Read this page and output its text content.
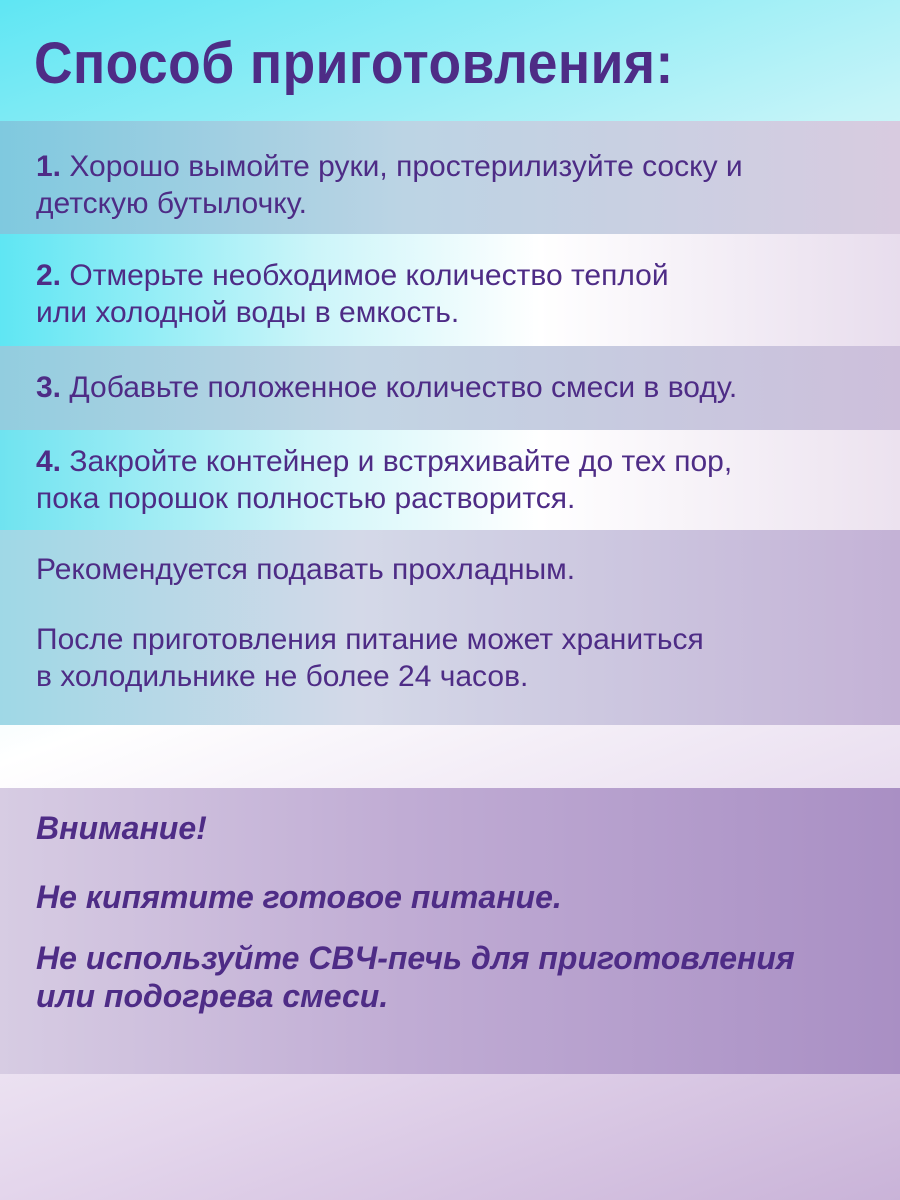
Способ приготовления:

1. Хорошо вымойте руки, простерилизуйте соску и

детскую бутылочку.

2. Отмерьте необходимое количество теплой

или холодной воды в емкость.

3. Добавьте положенное количество смеси в воду.

4. Закройте контейнер и встряхивайте до тех пор,

пока порошок полностью растворится.

Рекомендуется подавать прохладным.

После приготовления питание может храниться

в холодильнике не более 24 часов.

Внимание!

Не кипятите готовое питание.

Не используйте СВЧ-печь для приготовления

или подогрева смеси.
